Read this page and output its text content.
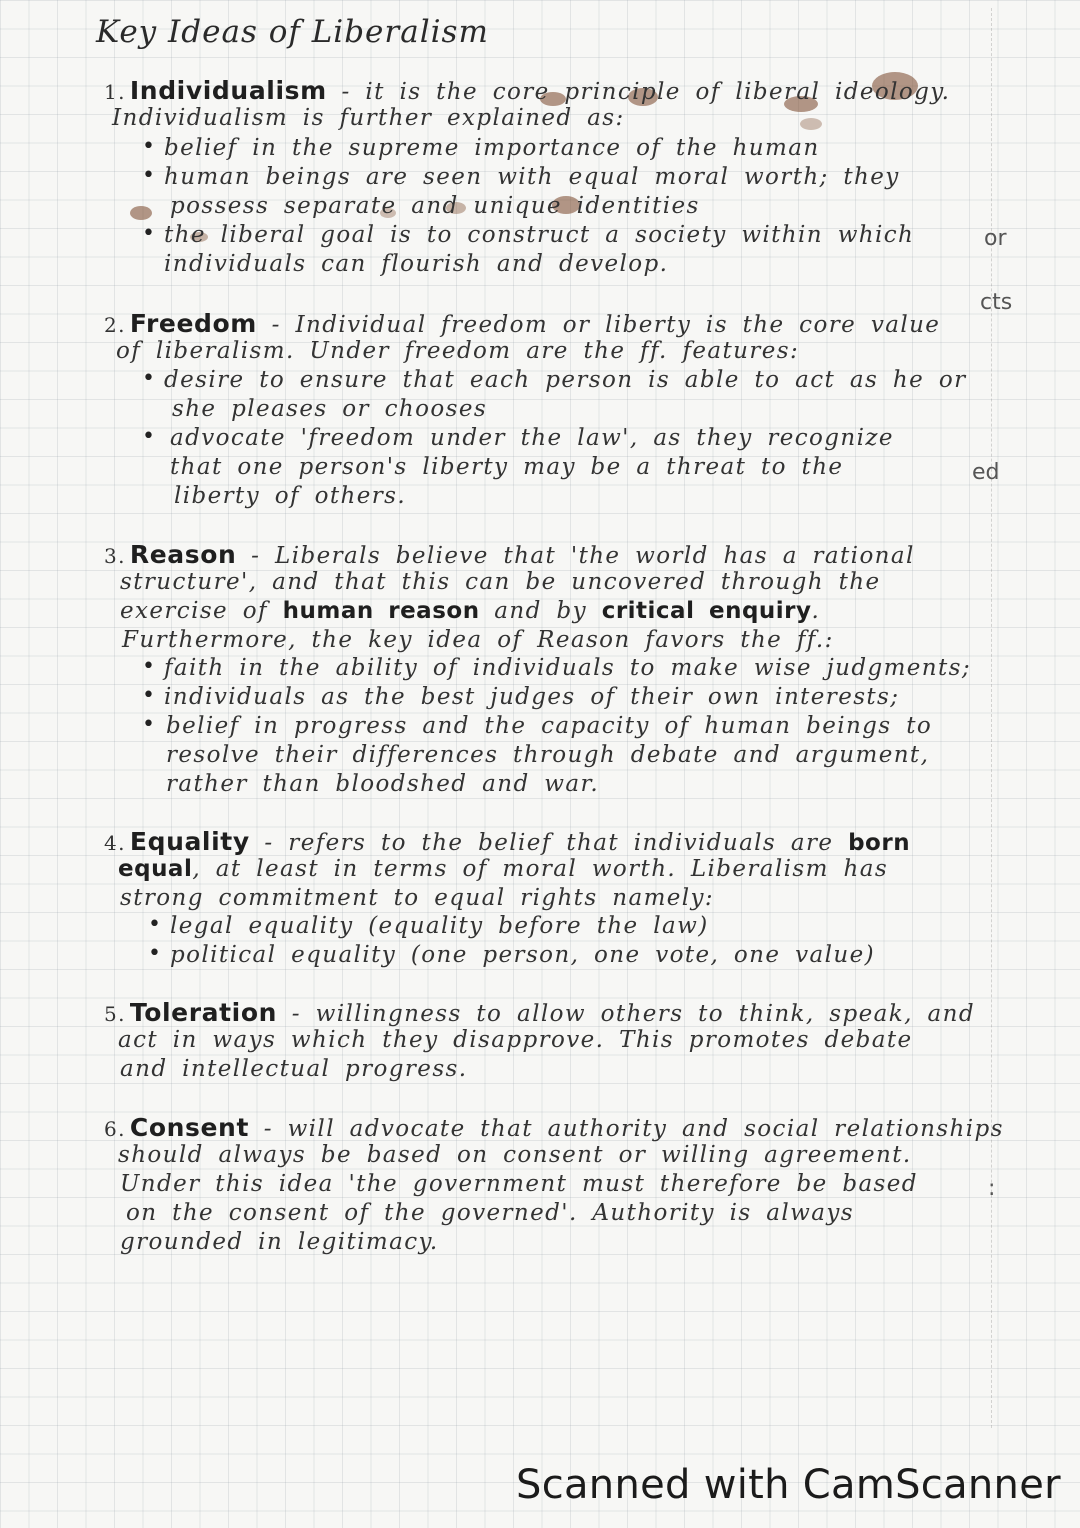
Key Ideas of Liberalism
1. Individualism - it is the core principle of liberal ideology.
Individualism is further explained as:
• belief in the supreme importance of the human
• human beings are seen with equal moral worth; they
possess separate and unique identities
• the liberal goal is to construct a society within which
individuals can flourish and develop.
2. Freedom - Individual freedom or liberty is the core value
of liberalism. Under freedom are the ff. features:
• desire to ensure that each person is able to act as he or
she pleases or chooses
• advocate 'freedom under the law', as they recognize
that one person's liberty may be a threat to the
liberty of others.
3. Reason - Liberals believe that 'the world has a rational
structure', and that this can be uncovered through the
exercise of human reason and by critical enquiry.
Furthermore, the key idea of Reason favors the ff.:
• faith in the ability of individuals to make wise judgments;
• individuals as the best judges of their own interests;
• belief in progress and the capacity of human beings to
resolve their differences through debate and argument,
rather than bloodshed and war.
4. Equality - refers to the belief that individuals are born
equal, at least in terms of moral worth. Liberalism has
strong commitment to equal rights namely:
• legal equality (equality before the law)
• political equality (one person, one vote, one value)
5. Toleration - willingness to allow others to think, speak, and
act in ways which they disapprove. This promotes debate
and intellectual progress.
6. Consent - will advocate that authority and social relationships
should always be based on consent or willing agreement.
Under this idea 'the government must therefore be based
on the consent of the governed'. Authority is always
grounded in legitimacy.
or
cts
ed
:
Scanned with CamScanner
